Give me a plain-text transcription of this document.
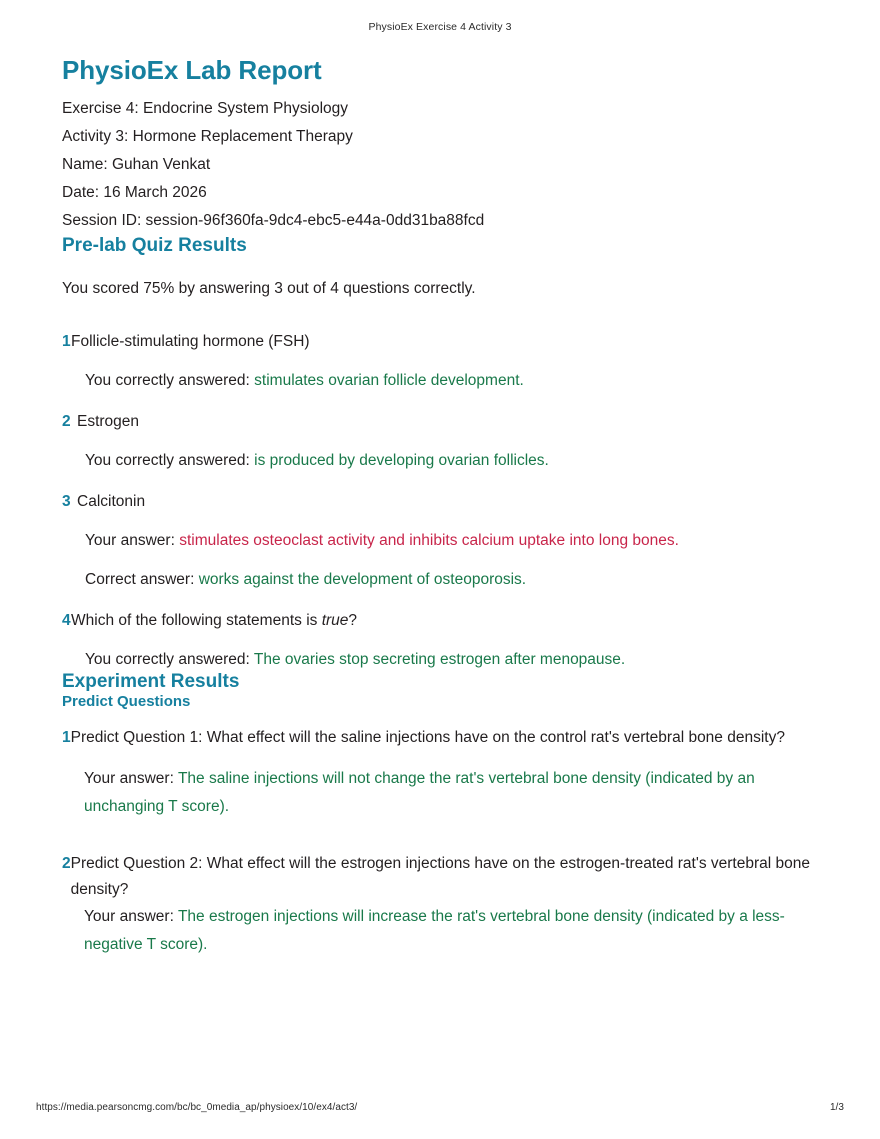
PhysioEx Exercise 4 Activity 3
PhysioEx Lab Report
Exercise 4: Endocrine System Physiology
Activity 3: Hormone Replacement Therapy
Name: Guhan Venkat
Date: 16 March 2026
Session ID: session-96f360fa-9dc4-ebc5-e44a-0dd31ba88fcd
Pre-lab Quiz Results
You scored 75% by answering 3 out of 4 questions correctly.
1 Follicle-stimulating hormone (FSH)
You correctly answered: stimulates ovarian follicle development.
2 Estrogen
You correctly answered: is produced by developing ovarian follicles.
3 Calcitonin
Your answer: stimulates osteoclast activity and inhibits calcium uptake into long bones.
Correct answer: works against the development of osteoporosis.
4 Which of the following statements is true?
You correctly answered: The ovaries stop secreting estrogen after menopause.
Experiment Results
Predict Questions
1 Predict Question 1: What effect will the saline injections have on the control rat's vertebral bone density?
Your answer: The saline injections will not change the rat's vertebral bone density (indicated by an unchanging T score).
2 Predict Question 2: What effect will the estrogen injections have on the estrogen-treated rat's vertebral bone density?
Your answer: The estrogen injections will increase the rat's vertebral bone density (indicated by a less-negative T score).
https://media.pearsoncmg.com/bc/bc_0media_ap/physioex/10/ex4/act3/	1/3
